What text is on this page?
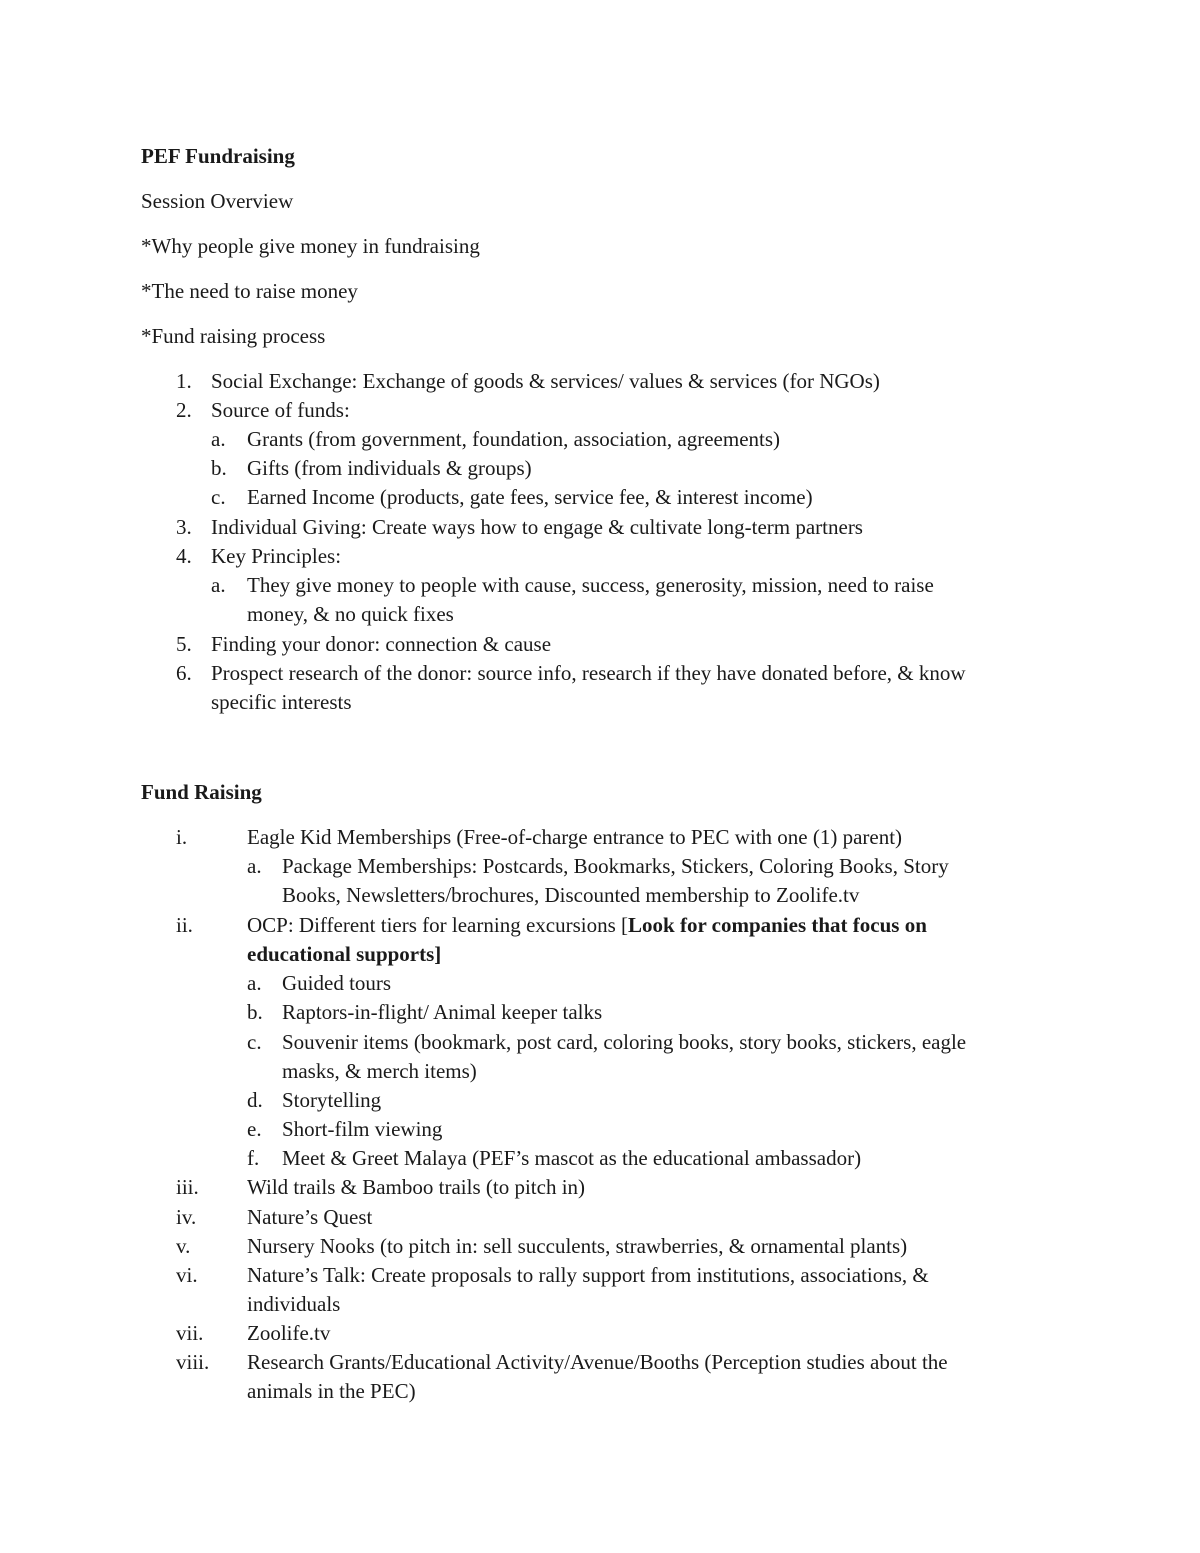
PEF Fundraising
Session Overview
*Why people give money in fundraising
*The need to raise money
*Fund raising process
1. Social Exchange: Exchange of goods & services/ values & services (for NGOs)
2. Source of funds:
a. Grants (from government, foundation, association, agreements)
b. Gifts (from individuals & groups)
c. Earned Income (products, gate fees, service fee, & interest income)
3. Individual Giving: Create ways how to engage & cultivate long-term partners
4. Key Principles:
a. They give money to people with cause, success, generosity, mission, need to raise
money, & no quick fixes
5. Finding your donor: connection & cause
6. Prospect research of the donor: source info, research if they have donated before, & know
specific interests
Fund Raising
i.	Eagle Kid Memberships (Free-of-charge entrance to PEC with one (1) parent)
a. Package Memberships: Postcards, Bookmarks, Stickers, Coloring Books, Story
Books, Newsletters/brochures, Discounted membership to Zoolife.tv
ii.	OCP: Different tiers for learning excursions [Look for companies that focus on
educational supports]
a. Guided tours
b. Raptors-in-flight/ Animal keeper talks
c. Souvenir items (bookmark, post card, coloring books, story books, stickers, eagle
masks, & merch items)
d. Storytelling
e. Short-film viewing
f. Meet & Greet Malaya (PEF’s mascot as the educational ambassador)
iii. Wild trails & Bamboo trails (to pitch in)
iv. Nature’s Quest
v.	Nursery Nooks (to pitch in: sell succulents, strawberries, & ornamental plants)
vi. Nature’s Talk: Create proposals to rally support from institutions, associations, &
individuals
vii. Zoolife.tv
viii. Research Grants/Educational Activity/Avenue/Booths (Perception studies about the
animals in the PEC)
